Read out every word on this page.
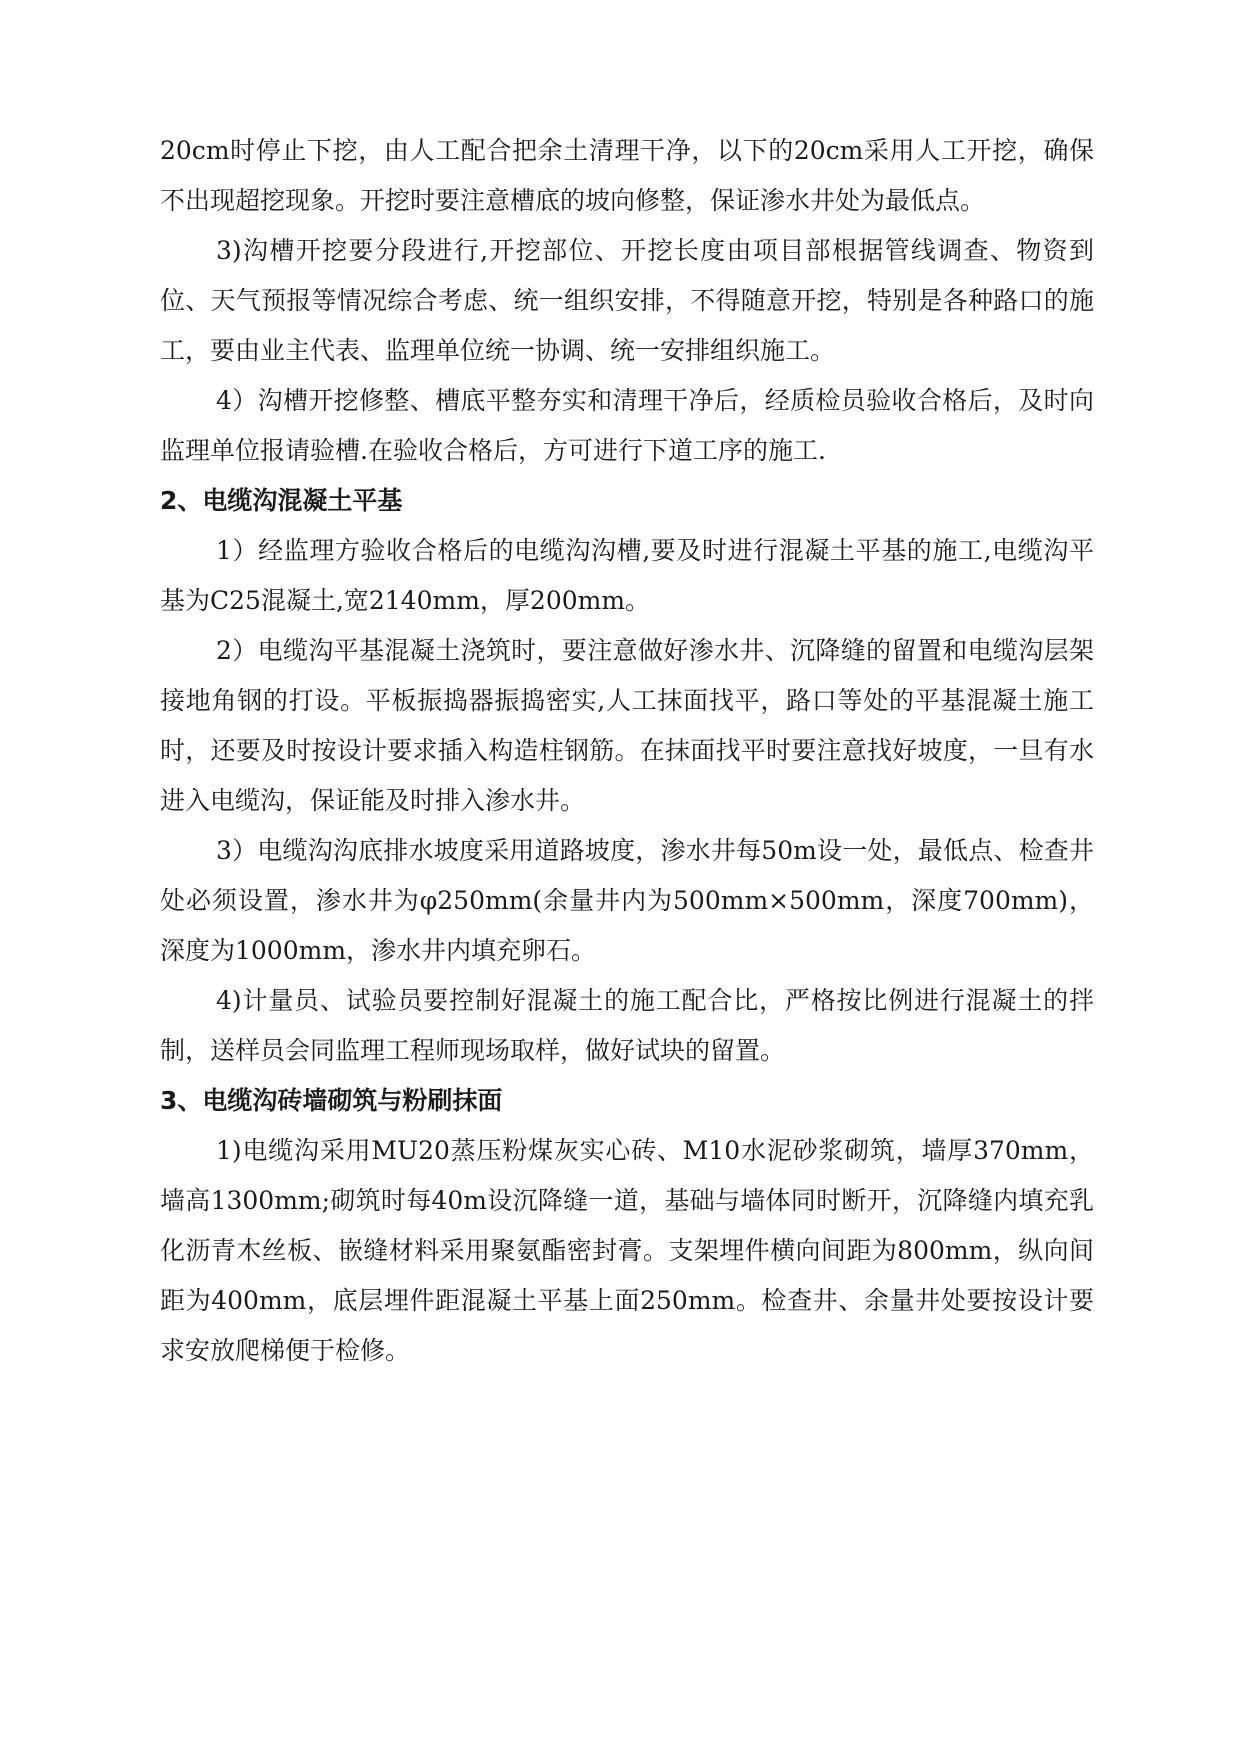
20cm时停止下挖，由人工配合把余土清理干净，以下的20cm采用人工开挖，确保不出现超挖现象。开挖时要注意槽底的坡向修整，保证渗水井处为最低点。

3)沟槽开挖要分段进行,开挖部位、开挖长度由项目部根据管线调查、物资到位、天气预报等情况综合考虑、统一组织安排，不得随意开挖，特别是各种路口的施工，要由业主代表、监理单位统一协调、统一安排组织施工。

4）沟槽开挖修整、槽底平整夯实和清理干净后，经质检员验收合格后，及时向监理单位报请验槽.在验收合格后，方可进行下道工序的施工.

2、电缆沟混凝土平基

1）经监理方验收合格后的电缆沟沟槽,要及时进行混凝土平基的施工,电缆沟平基为C25混凝土,宽2140mm，厚200mm。

2）电缆沟平基混凝土浇筑时，要注意做好渗水井、沉降缝的留置和电缆沟层架接地角钢的打设。平板振捣器振捣密实,人工抹面找平，路口等处的平基混凝土施工时，还要及时按设计要求插入构造柱钢筋。在抹面找平时要注意找好坡度，一旦有水进入电缆沟，保证能及时排入渗水井。

3）电缆沟沟底排水坡度采用道路坡度，渗水井每50m设一处，最低点、检查井处必须设置，渗水井为φ250mm(余量井内为500mm×500mm，深度700mm)，深度为1000mm，渗水井内填充卵石。

4)计量员、试验员要控制好混凝土的施工配合比，严格按比例进行混凝土的拌制，送样员会同监理工程师现场取样，做好试块的留置。

3、电缆沟砖墙砌筑与粉刷抹面

1)电缆沟采用MU20蒸压粉煤灰实心砖、M10水泥砂浆砌筑，墙厚370mm，墙高1300mm;砌筑时每40m设沉降缝一道，基础与墙体同时断开，沉降缝内填充乳化沥青木丝板、嵌缝材料采用聚氨酯密封膏。支架埋件横向间距为800mm，纵向间距为400mm，底层埋件距混凝土平基上面250mm。检查井、余量井处要按设计要求安放爬梯便于检修。
